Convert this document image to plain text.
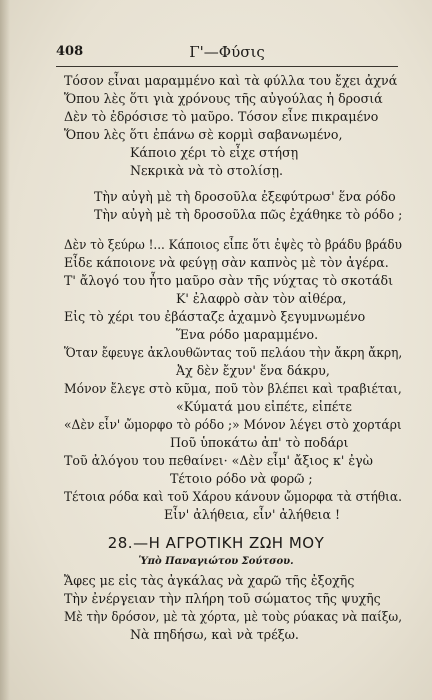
408	Γ'—Φύσις
Τόσον εἶναι μαραμμένο καὶ τὰ φύλλα του ἔχει ἀχνά
Ὅπου λὲς ὅτι γιὰ χρόνους τῆς αὐγούλας ἡ δροσιά
Δὲν τὸ ἐδρόσισε τὸ μαῦρο. Τόσον εἶνε πικραμένο
Ὅπου λὲς ὅτι ἐπάνω σὲ κορμὶ σαβανωμένο,
Κάποιο χέρι τὸ εἶχε στήσῃ
Νεκρικὰ νὰ τὸ στολίσῃ.
Τὴν αὐγὴ μὲ τὴ δροσοῦλα ἐξεφύτρωσ' ἕνα ρόδο
Τὴν αὐγὴ μὲ τὴ δροσοῦλα πῶς ἐχάθηκε τὸ ρόδο ;
Δὲν τὸ ξεύρω !... Κάποιος εἶπε ὅτι ἐψὲς τὸ βράδυ βράδυ
Εἶδε κάποιονε νὰ φεύγῃ σὰν καπνὸς μὲ τὸν ἀγέρα.
Τ' ἄλογό του ἦτο μαῦρο σὰν τῆς νύχτας τὸ σκοτάδι
Κ' ἐλαφρὸ σὰν τὸν αἰθέρα,
Εἰς τὸ χέρι του ἐβάσταζε ἀχαμνὸ ξεγυμνωμένο
Ἕνα ρόδο μαραμμένο.
Ὅταν ἔφευγε ἀκλουθῶντας τοῦ πελάου τὴν ἄκρη ἄκρη,
Ἀχ δὲν ἔχυν' ἕνα δάκρυ,
Μόνον ἔλεγε στὸ κῦμα, ποῦ τὸν βλέπει καὶ τραβιέται,
«Κύματά μου εἰπέτε, εἰπέτε
«Δὲν εἶν' ὤμορφο τὸ ρόδο ;» Μόνον λέγει στὸ χορτάρι
Ποῦ ὑποκάτω ἀπ' τὸ ποδάρι
Τοῦ ἀλόγου του πεθαίνει· «Δὲν εἶμ' ἄξιος κ' ἐγὼ
Τέτοιο ρόδο νὰ φορῶ ;
Τέτοια ρόδα καὶ τοῦ Χάρου κάνουν ὤμορφα τὰ στήθια.
Εἶν' ἀλήθεια, εἶν' ἀλήθεια !
28.—Η ΑΓΡΟΤΙΚΗ ΖΩΗ ΜΟΥ
Ὑπὸ Παναγιώτου Σούτσου.
Ἄφες με εἰς τὰς ἀγκάλας νὰ χαρῶ τῆς ἐξοχῆς
Τὴν ἐνέργειαν τὴν πλήρη τοῦ σώματος τῆς ψυχῆς
Μὲ τὴν δρόσον, μὲ τὰ χόρτα, μὲ τοὺς ρύακας νὰ παίξω,
Νὰ πηδήσω, καὶ νὰ τρέξω.
